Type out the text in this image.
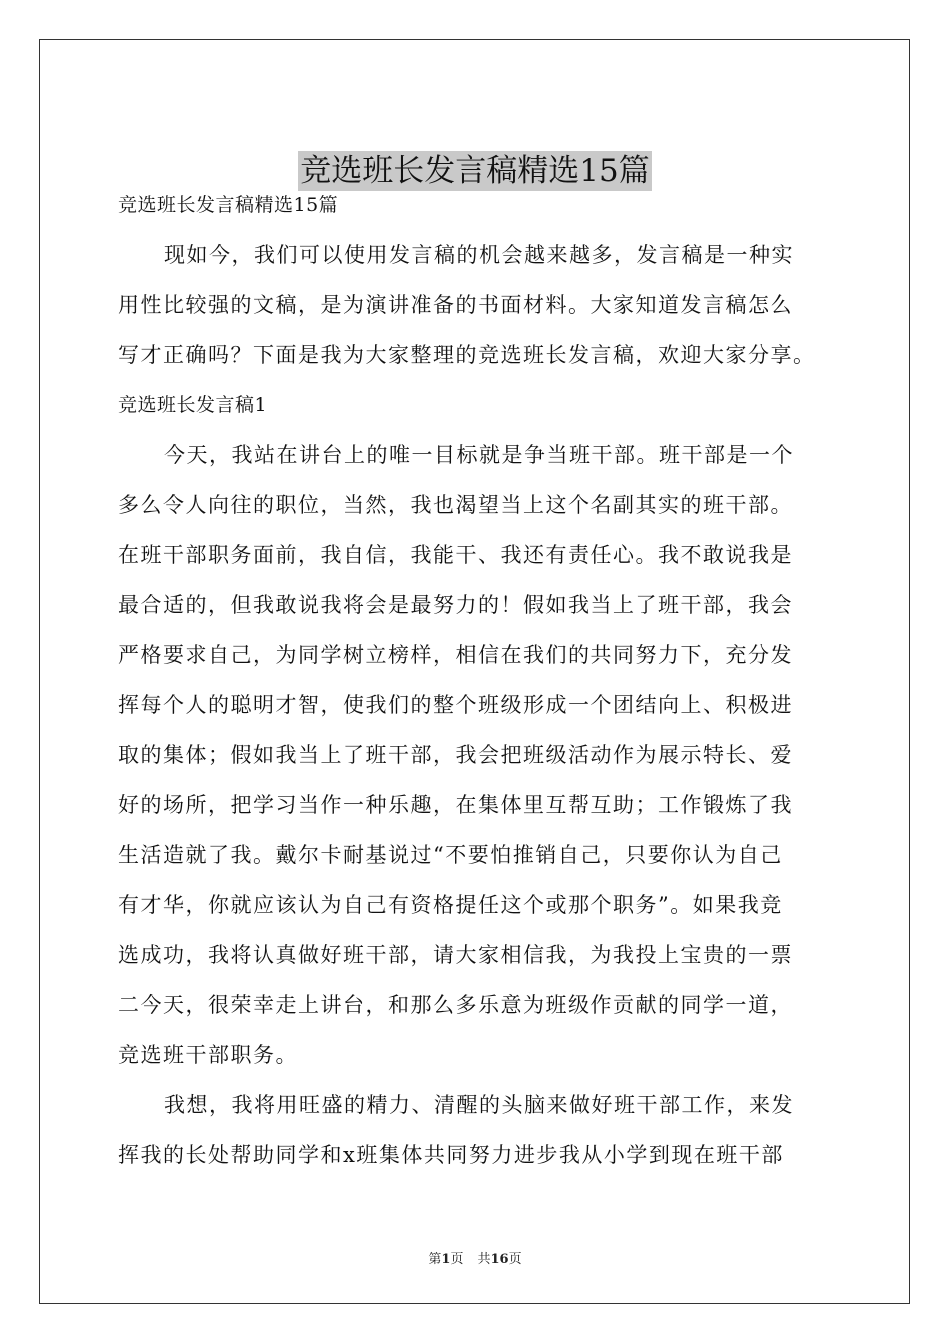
竞选班长发言稿精选15篇
竞选班长发言稿精选15篇
现如今，我们可以使用发言稿的机会越来越多，发言稿是一种实
用性比较强的文稿，是为演讲准备的书面材料。大家知道发言稿怎么
写才正确吗？下面是我为大家整理的竞选班长发言稿，欢迎大家分享。
竞选班长发言稿1
今天，我站在讲台上的唯一目标就是争当班干部。班干部是一个
多么令人向往的职位，当然，我也渴望当上这个名副其实的班干部。
在班干部职务面前，我自信，我能干、我还有责任心。我不敢说我是
最合适的，但我敢说我将会是最努力的！假如我当上了班干部，我会
严格要求自己，为同学树立榜样，相信在我们的共同努力下，充分发
挥每个人的聪明才智，使我们的整个班级形成一个团结向上、积极进
取的集体；假如我当上了班干部，我会把班级活动作为展示特长、爱
好的场所，把学习当作一种乐趣，在集体里互帮互助；工作锻炼了我
生活造就了我。戴尔卡耐基说过“不要怕推销自己，只要你认为自己
有才华，你就应该认为自己有资格提任这个或那个职务”。如果我竞
选成功，我将认真做好班干部，请大家相信我，为我投上宝贵的一票
二今天，很荣幸走上讲台，和那么多乐意为班级作贡献的同学一道，
竞选班干部职务。
我想，我将用旺盛的精力、清醒的头脑来做好班干部工作，来发
挥我的长处帮助同学和x班集体共同努力进步我从小学到现在班干部
第1页 共16页
